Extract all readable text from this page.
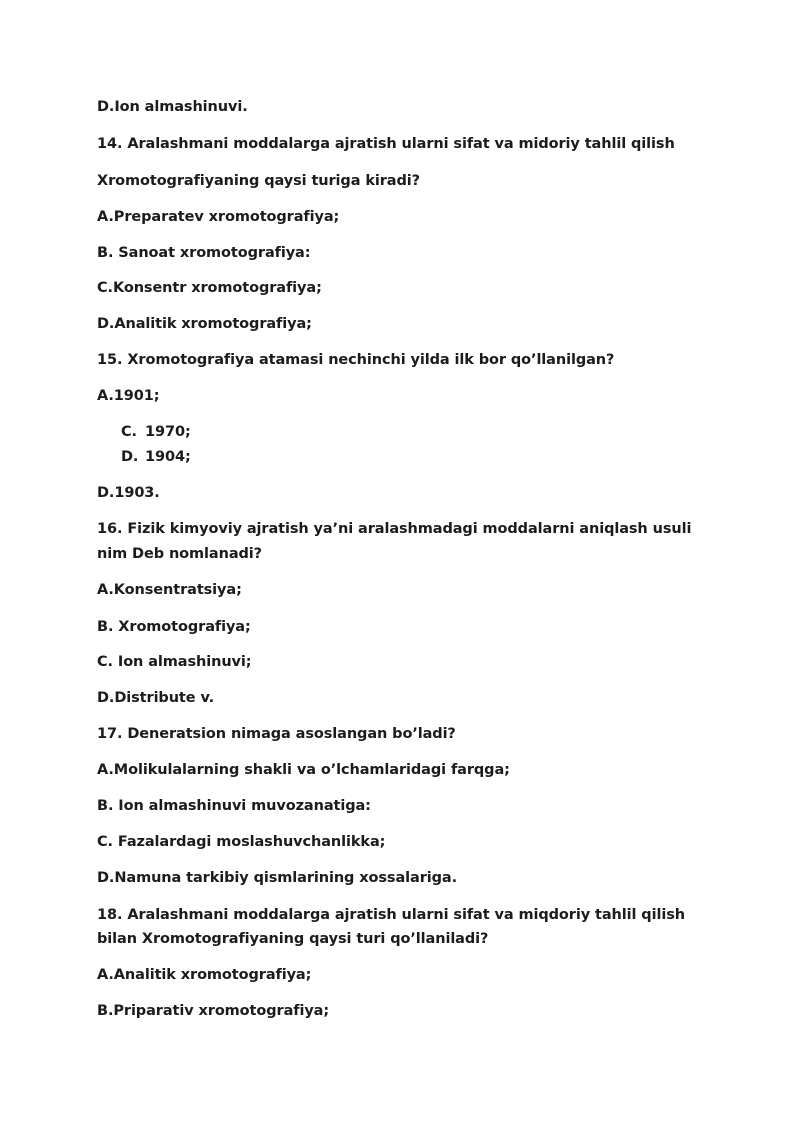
D.Ion almashinuvi.

14. Aralashmani moddalarga ajratish ularni sifat va midoriy tahlil qilish

Xromotografiyaning qaysi turiga kiradi?

A.Preparatev xromotografiya;

B. Sanoat xromotografiya:

C.Konsentr xromotografiya;

D.Analitik xromotografiya;

15. Xromotografiya atamasi nechinchi yilda ilk bor qo’llanilgan?

A.1901;

C. 1970;

D. 1904;

D.1903.

16. Fizik kimyoviy ajratish ya’ni aralashmadagi moddalarni aniqlash usuli

nim Deb nomlanadi?

A.Konsentratsiya;

B. Xromotografiya;

C. Ion almashinuvi;

D.Distribute v.

17. Deneratsion nimaga asoslangan bo’ladi?

A.Molikulalarning shakli va o’lchamlaridagi farqga;

B. Ion almashinuvi muvozanatiga:

C. Fazalardagi moslashuvchanlikka;

D.Namuna tarkibiy qismlarining xossalariga.

18. Aralashmani moddalarga ajratish ularni sifat va miqdoriy tahlil qilish

bilan Xromotografiyaning qaysi turi qo’llaniladi?

A.Analitik xromotografiya;

B.Priparativ xromotografiya;
